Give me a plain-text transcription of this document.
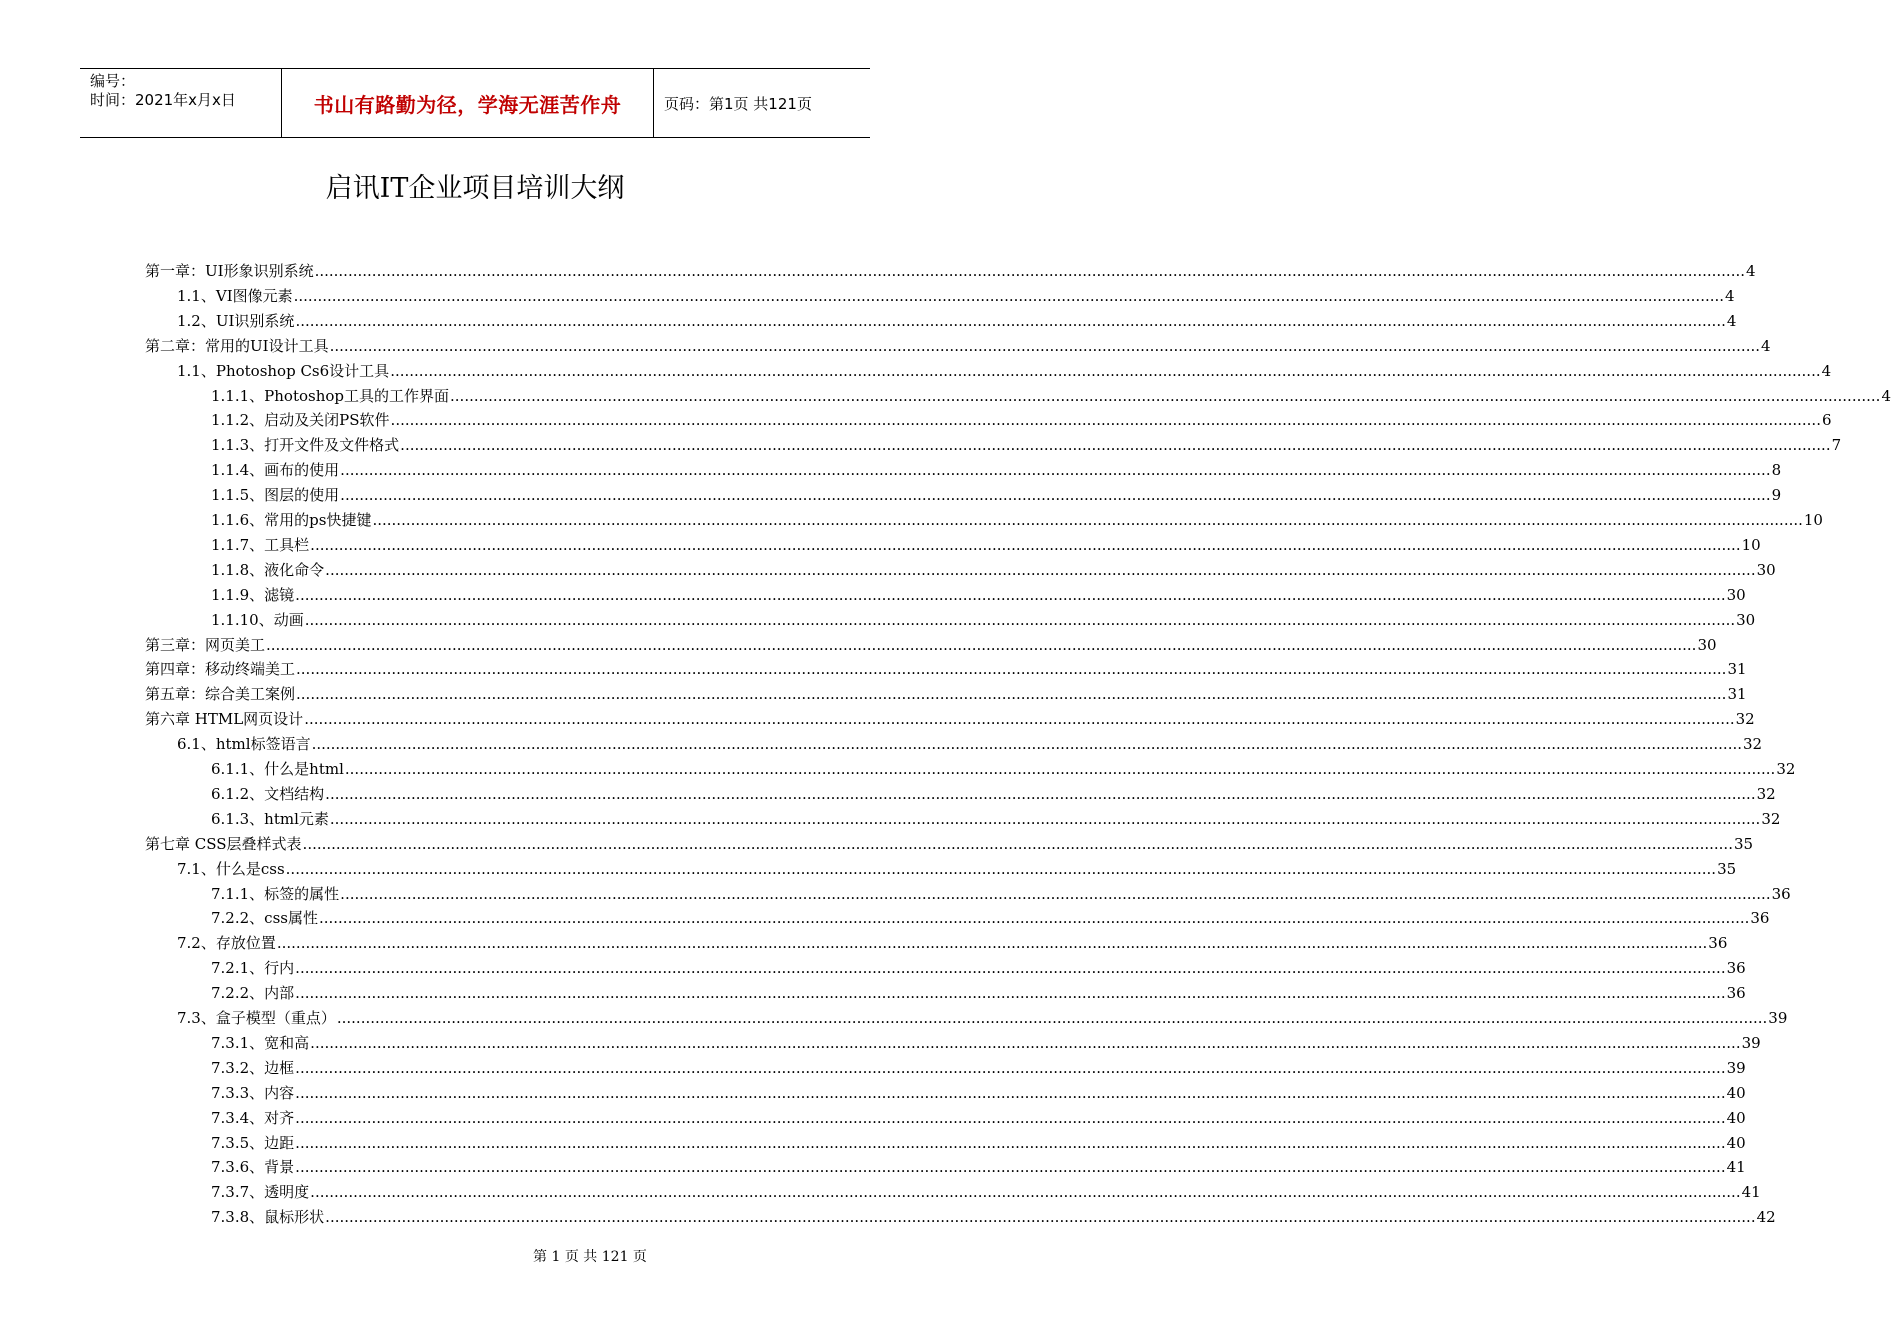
编号：
时间：2021年x月x日	书山有路勤为径，学海无涯苦作舟	页码：第1页 共121页
启讯IT企业项目培训大纲
第一章：UI形象识别系统 ............................................................................................................................................................................................................................................................................................................ 4
1.1、VI图像元素 ............................................................................................................................................................................................................................................................................................................ 4
1.2、UI识别系统 ............................................................................................................................................................................................................................................................................................................ 4
第二章：常用的UI设计工具 ............................................................................................................................................................................................................................................................................................................ 4
1.1、Photoshop Cs6设计工具 ............................................................................................................................................................................................................................................................................................................ 4
1.1.1、Photoshop工具的工作界面 ............................................................................................................................................................................................................................................................................................................ 4
1.1.2、启动及关闭PS软件 ............................................................................................................................................................................................................................................................................................................ 6
1.1.3、打开文件及文件格式 ............................................................................................................................................................................................................................................................................................................ 7
1.1.4、画布的使用 ............................................................................................................................................................................................................................................................................................................ 8
1.1.5、图层的使用 ............................................................................................................................................................................................................................................................................................................ 9
1.1.6、常用的ps快捷键 ............................................................................................................................................................................................................................................................................................................ 10
1.1.7、工具栏 ............................................................................................................................................................................................................................................................................................................ 10
1.1.8、液化命令 ............................................................................................................................................................................................................................................................................................................ 30
1.1.9、滤镜 ............................................................................................................................................................................................................................................................................................................ 30
1.1.10、动画 ............................................................................................................................................................................................................................................................................................................ 30
第三章：网页美工 ............................................................................................................................................................................................................................................................................................................ 30
第四章：移动终端美工 ............................................................................................................................................................................................................................................................................................................ 31
第五章：综合美工案例 ............................................................................................................................................................................................................................................................................................................ 31
第六章 HTML网页设计 ............................................................................................................................................................................................................................................................................................................ 32
6.1、html标签语言 ............................................................................................................................................................................................................................................................................................................ 32
6.1.1、什么是html ............................................................................................................................................................................................................................................................................................................ 32
6.1.2、文档结构 ............................................................................................................................................................................................................................................................................................................ 32
6.1.3、html元素 ............................................................................................................................................................................................................................................................................................................ 32
第七章 CSS层叠样式表 ............................................................................................................................................................................................................................................................................................................ 35
7.1、什么是css ............................................................................................................................................................................................................................................................................................................ 35
7.1.1、标签的属性 ............................................................................................................................................................................................................................................................................................................ 36
7.2.2、css属性 ............................................................................................................................................................................................................................................................................................................ 36
7.2、存放位置 ............................................................................................................................................................................................................................................................................................................ 36
7.2.1、行内 ............................................................................................................................................................................................................................................................................................................ 36
7.2.2、内部 ............................................................................................................................................................................................................................................................................................................ 36
7.3、盒子模型（重点） ............................................................................................................................................................................................................................................................................................................ 39
7.3.1、宽和高 ............................................................................................................................................................................................................................................................................................................ 39
7.3.2、边框 ............................................................................................................................................................................................................................................................................................................ 39
7.3.3、内容 ............................................................................................................................................................................................................................................................................................................ 40
7.3.4、对齐 ............................................................................................................................................................................................................................................................................................................ 40
7.3.5、边距 ............................................................................................................................................................................................................................................................................................................ 40
7.3.6、背景 ............................................................................................................................................................................................................................................................................................................ 41
7.3.7、透明度 ............................................................................................................................................................................................................................................................................................................ 41
7.3.8、鼠标形状 ............................................................................................................................................................................................................................................................................................................ 42
第 1 页 共 121 页
